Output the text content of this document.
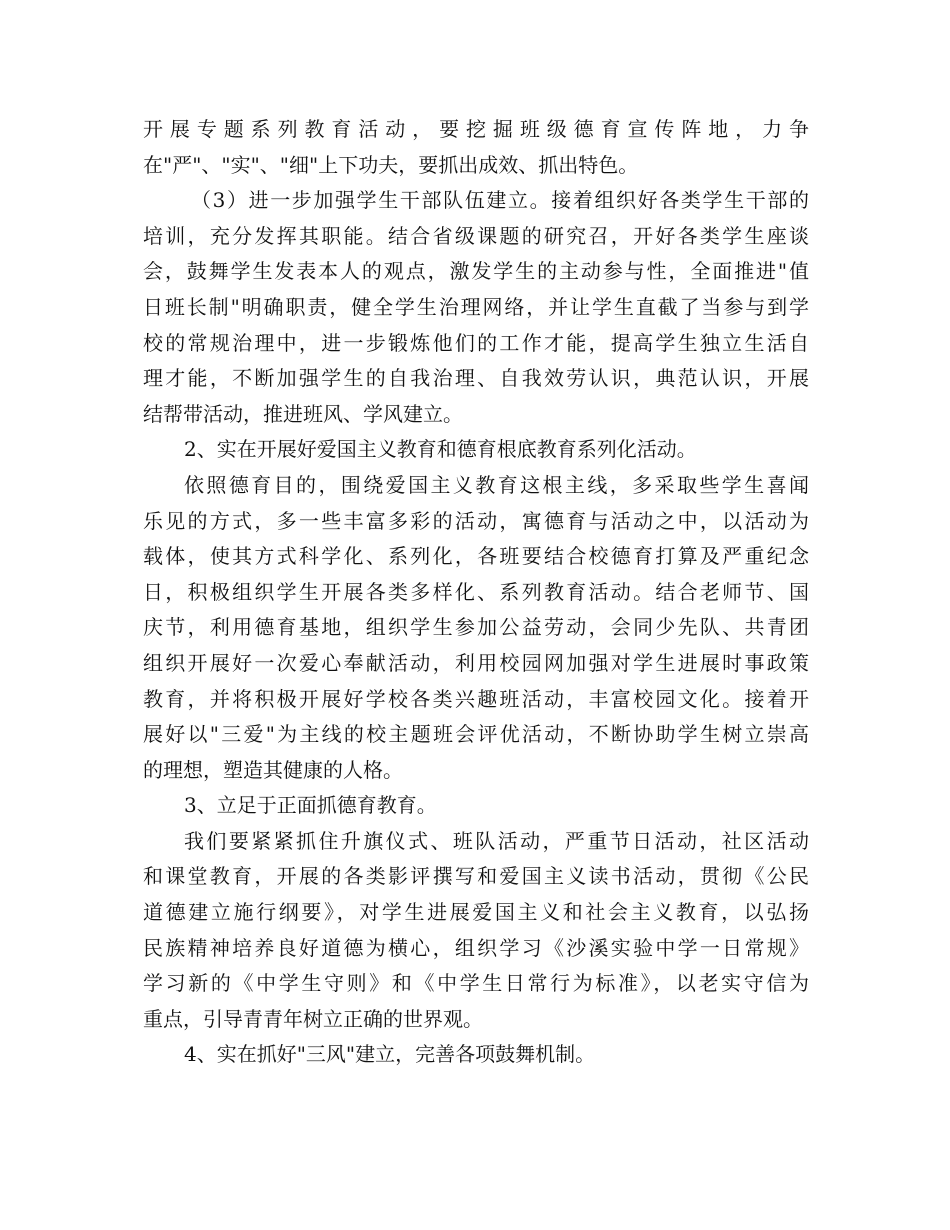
开展专题系列教育活动，要挖掘班级德育宣传阵地，力争
在"严"、"实"、"细"上下功夫，要抓出成效、抓出特色。
（3）进一步加强学生干部队伍建立。接着组织好各类学生干部的
培训，充分发挥其职能。结合省级课题的研究召，开好各类学生座谈
会，鼓舞学生发表本人的观点，激发学生的主动参与性，全面推进"值
日班长制"明确职责，健全学生治理网络，并让学生直截了当参与到学
校的常规治理中，进一步锻炼他们的工作才能，提高学生独立生活自
理才能，不断加强学生的自我治理、自我效劳认识，典范认识，开展
结帮带活动，推进班风、学风建立。
2、实在开展好爱国主义教育和德育根底教育系列化活动。
依照德育目的，围绕爱国主义教育这根主线，多采取些学生喜闻
乐见的方式，多一些丰富多彩的活动，寓德育与活动之中，以活动为
载体，使其方式科学化、系列化，各班要结合校德育打算及严重纪念
日，积极组织学生开展各类多样化、系列教育活动。结合老师节、国
庆节，利用德育基地，组织学生参加公益劳动，会同少先队、共青团
组织开展好一次爱心奉献活动，利用校园网加强对学生进展时事政策
教育，并将积极开展好学校各类兴趣班活动，丰富校园文化。接着开
展好以"三爱"为主线的校主题班会评优活动，不断协助学生树立崇高
的理想，塑造其健康的人格。
3、立足于正面抓德育教育。
我们要紧紧抓住升旗仪式、班队活动，严重节日活动，社区活动
和课堂教育，开展的各类影评撰写和爱国主义读书活动，贯彻《公民
道德建立施行纲要》，对学生进展爱国主义和社会主义教育，以弘扬
民族精神培养良好道德为横心，组织学习《沙溪实验中学一日常规》
学习新的《中学生守则》和《中学生日常行为标准》，以老实守信为
重点，引导青青年树立正确的世界观。
4、实在抓好"三风"建立，完善各项鼓舞机制。
